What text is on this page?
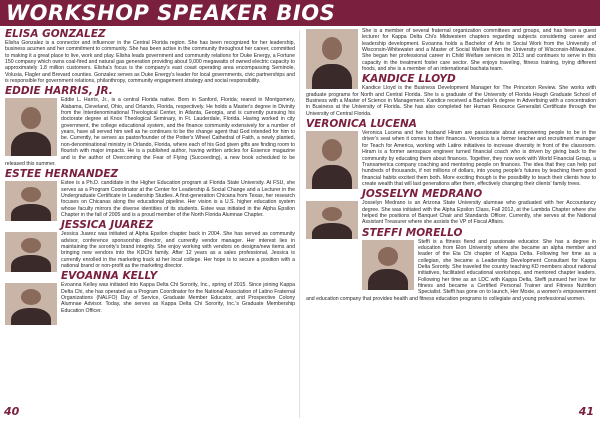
WORKSHOP SPEAKER BIOS
ELISA GONZALEZ

Elisha Gonzalez is a connector and influencer in the Central Florida region. She has been recognized for her leadership, business acumen and her commitment to community. She has been active in the community throughout her career, committed to making it a great place to live, work and play. Elisha leads government and community relations for Duke Energy, a Fortune 150 company which owns coal-fired and natural gas generation providing about 9,000 megawatts of owned electric capacity to approximately 1.8 million customers. Elisha's focus is the company's east coast operating area encompassing Seminole, Volusia, Flagler and Brevard counties. Gonzalez serves as Duke Energy's leader for local governments, civic partnerships and is responsible for government relations, philanthropy, community engagement strategy and social responsibility.

EDDIE HARRIS, JR.

Eddie L. Harris, Jr., is a central Florida native. Born in Sanford, Florida; reared in Montgomery, Alabama, Cleveland, Ohio, and Orlando, Florida, respectively. He holds a Master's degree in Divinity from the Interdenominational Theological Center, in Atlanta, Georgia, and is currently pursuing his doctorate degree at Knox Theological Seminary, in Ft. Lauderdale, Florida. Having worked in city government, the college educational system, and the finance community extensively for a number of years, have all served him well as he continues to be the change agent that God intended for him to be. Currently, he serves as pastor/founder of the Potter's Wheel Cathedral of Faith, a newly planted, non-denominational ministry in Orlando, Florida, where each of his God given gifts are finding room to flourish with major impacts. He is a published author, having written articles for Essence magazine and is the author of Overcoming the Fear of Flying (Succeeding), a new book scheduled to be released this summer.

ESTEE HERNANDEZ

Estee is a Ph.D. candidate in the Higher Education program at Florida State University. At FSU, she serves as a Program Coordinator at the Center for Leadership & Social Change and a Lecturer in the Undergraduate Certificate in Leadership Studies. A first-generation Chicana from Texas, her research focuses on Chicanas along the educational pipeline. Her vision is a U.S. higher education system whose faculty mirrors the diverse identities of its students. Estee was initiated in the Alpha Epsilon Chapter in the fall of 2005 and is a proud member of the North Florida Alumnae Chapter.

JESSICA JUAREZ

Jessica Juarez was initiated at Alpha Epsilon chapter back in 2004. She has served as community advisor, conference sponsorship director, and currently vendor manager. Her interest lies in maintaining the sorority's brand integrity. She enjoy working with vendors on designs/new items and bringing new vendors into the KDChi family. After 12 years as a sales professional, Jessica is currently enrolled in the marketing track at her local college. Her hope is to secure a position with a national brand or non-profit as the marketing director.

EVOANNA KELLY

Evoanna Kelley was initiated into Kappa Delta Chi Sorority, Inc., spring of 2015. Since joining Kappa Delta Chi, she has operated as a Program Coordinator for the National Association of Latino Fraternal Organizations (NALFO) Day of Service, Graduate Member Educator, and Prospective Colony Alumnae Advisor. Today, she serves as Kappa Delta Chi Sorority, Inc.'s Graduate Membership Education Officer.

She is a member of several fraternal organization committees and groups, and has been a guest lecturer for Kappa Delta Chi's Midwestern chapters regarding subjects considering career and leadership development. Evoanna holds a Bachelor of Arts in Social Work from the University of Wisconsin-Whitewater and a Master of Social Welfare from the University of Wisconsin-Milwaukee. She began her professional career in Child Welfare services in 2013 and continues to serve in this capacity in the treatment foster care sector. She enjoys traveling, fitness training, trying different foods, and she is a member of an international bachata team.

KANDICE LLOYD

Kandice Lloyd is the Business Development Manager for The Princeton Review. She works with graduate programs for North and Central Florida. She is a graduate of the University of Florida Hough Graduate School of Business with a Master of Science in Management. Kandice received a Bachelor's degree in Advertising with a concentration in Business at the University of Florida. She has also completed her Human Resource Generalist Certificate through the University of Central Florida.

VERONICA LUCENA

Veronica Lucena and her husband Hiram are passionate about empowering people to be in the driver's seat when it comes to their finances. Veronica is a former teacher and recruitment manager for Teach for America, working with Latinx initiatives to increase diversity in front of the classroom. Hiram is a former aerospace engineer turned financial coach who is driven by giving back to the community by educating them about finances. Together, they now work with World Financial Group, a Transamerica company coaching and mentoring people on finances. The idea that they can help put hundreds of thousands, if not millions of dollars, into young people's futures by teaching them good financial habits excited them both. More exciting though is the possibility to teach their clients how to create wealth that will last generations after them, effectively changing their clients' family trees.

JOSSELYN MEDRANO

Josselyn Medrano is an Arizona State University alumnae who graduated with her Accountancy degree. She was initiated with the Alpha Epsilon Class, Fall 2012, at the Lambda Chapter where she helped the positions of Banquet Chair and Standards Officer. Currently, she serves at the National Assistant Treasurer where she assists the VP of Fiscal Affairs.

STEFFI MORELLO

Steffi is a fitness fiend and passionate educator. She has a degree in education from Elon University where she became an alpha member and leader of the Eta Chi chapter of Kappa Delta. Following her time as a collegian, she became a Leadership Development Consultant for Kappa Delta Sorority. She traveled the country teaching KD members about national initiatives, facilitated educational workshops, and mentored chapter leaders. Following her time as an LDC with Kappa Delta, Steffi pursued her love for fitness and became a Certified Personal Trainer and Fitness Nutrition Specialist. Steffi has gone on to launch, Her Moxie, a women's empowerment and education company that provides health and fitness education programs to collegiate and young professional women.

40	41
